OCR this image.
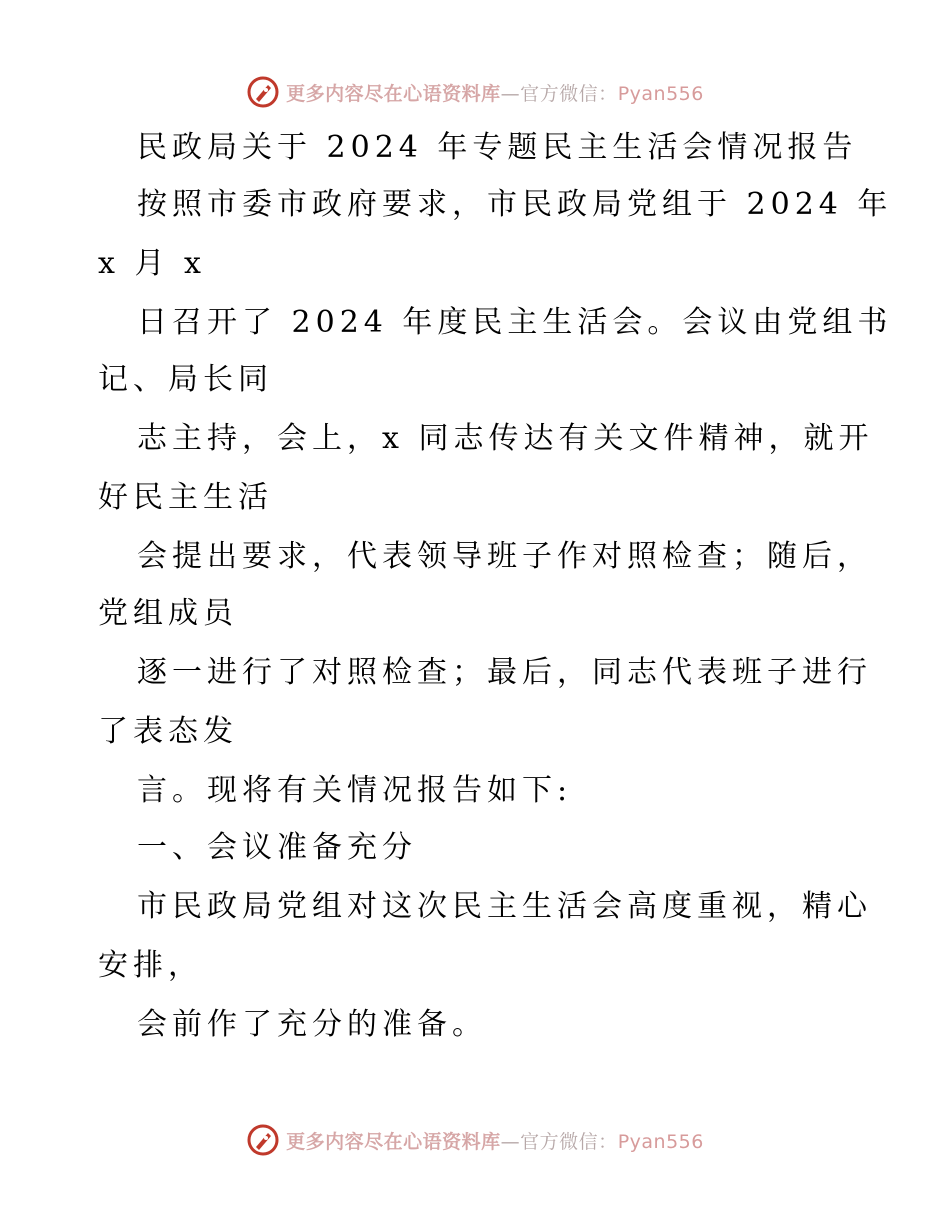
更多内容尽在心语资料库—官方微信：Pyan556
民政局关于 2024 年专题民主生活会情况报告
按照市委市政府要求，市民政局党组于 2024 年
x 月 x
日召开了 2024 年度民主生活会。会议由党组书
记、局长同
志主持，会上，x 同志传达有关文件精神，就开
好民主生活
会提出要求，代表领导班子作对照检查；随后，
党组成员
逐一进行了对照检查；最后，同志代表班子进行
了表态发
言。现将有关情况报告如下:
一、会议准备充分
市民政局党组对这次民主生活会高度重视，精心
安排，
会前作了充分的准备。
更多内容尽在心语资料库—官方微信：Pyan556
